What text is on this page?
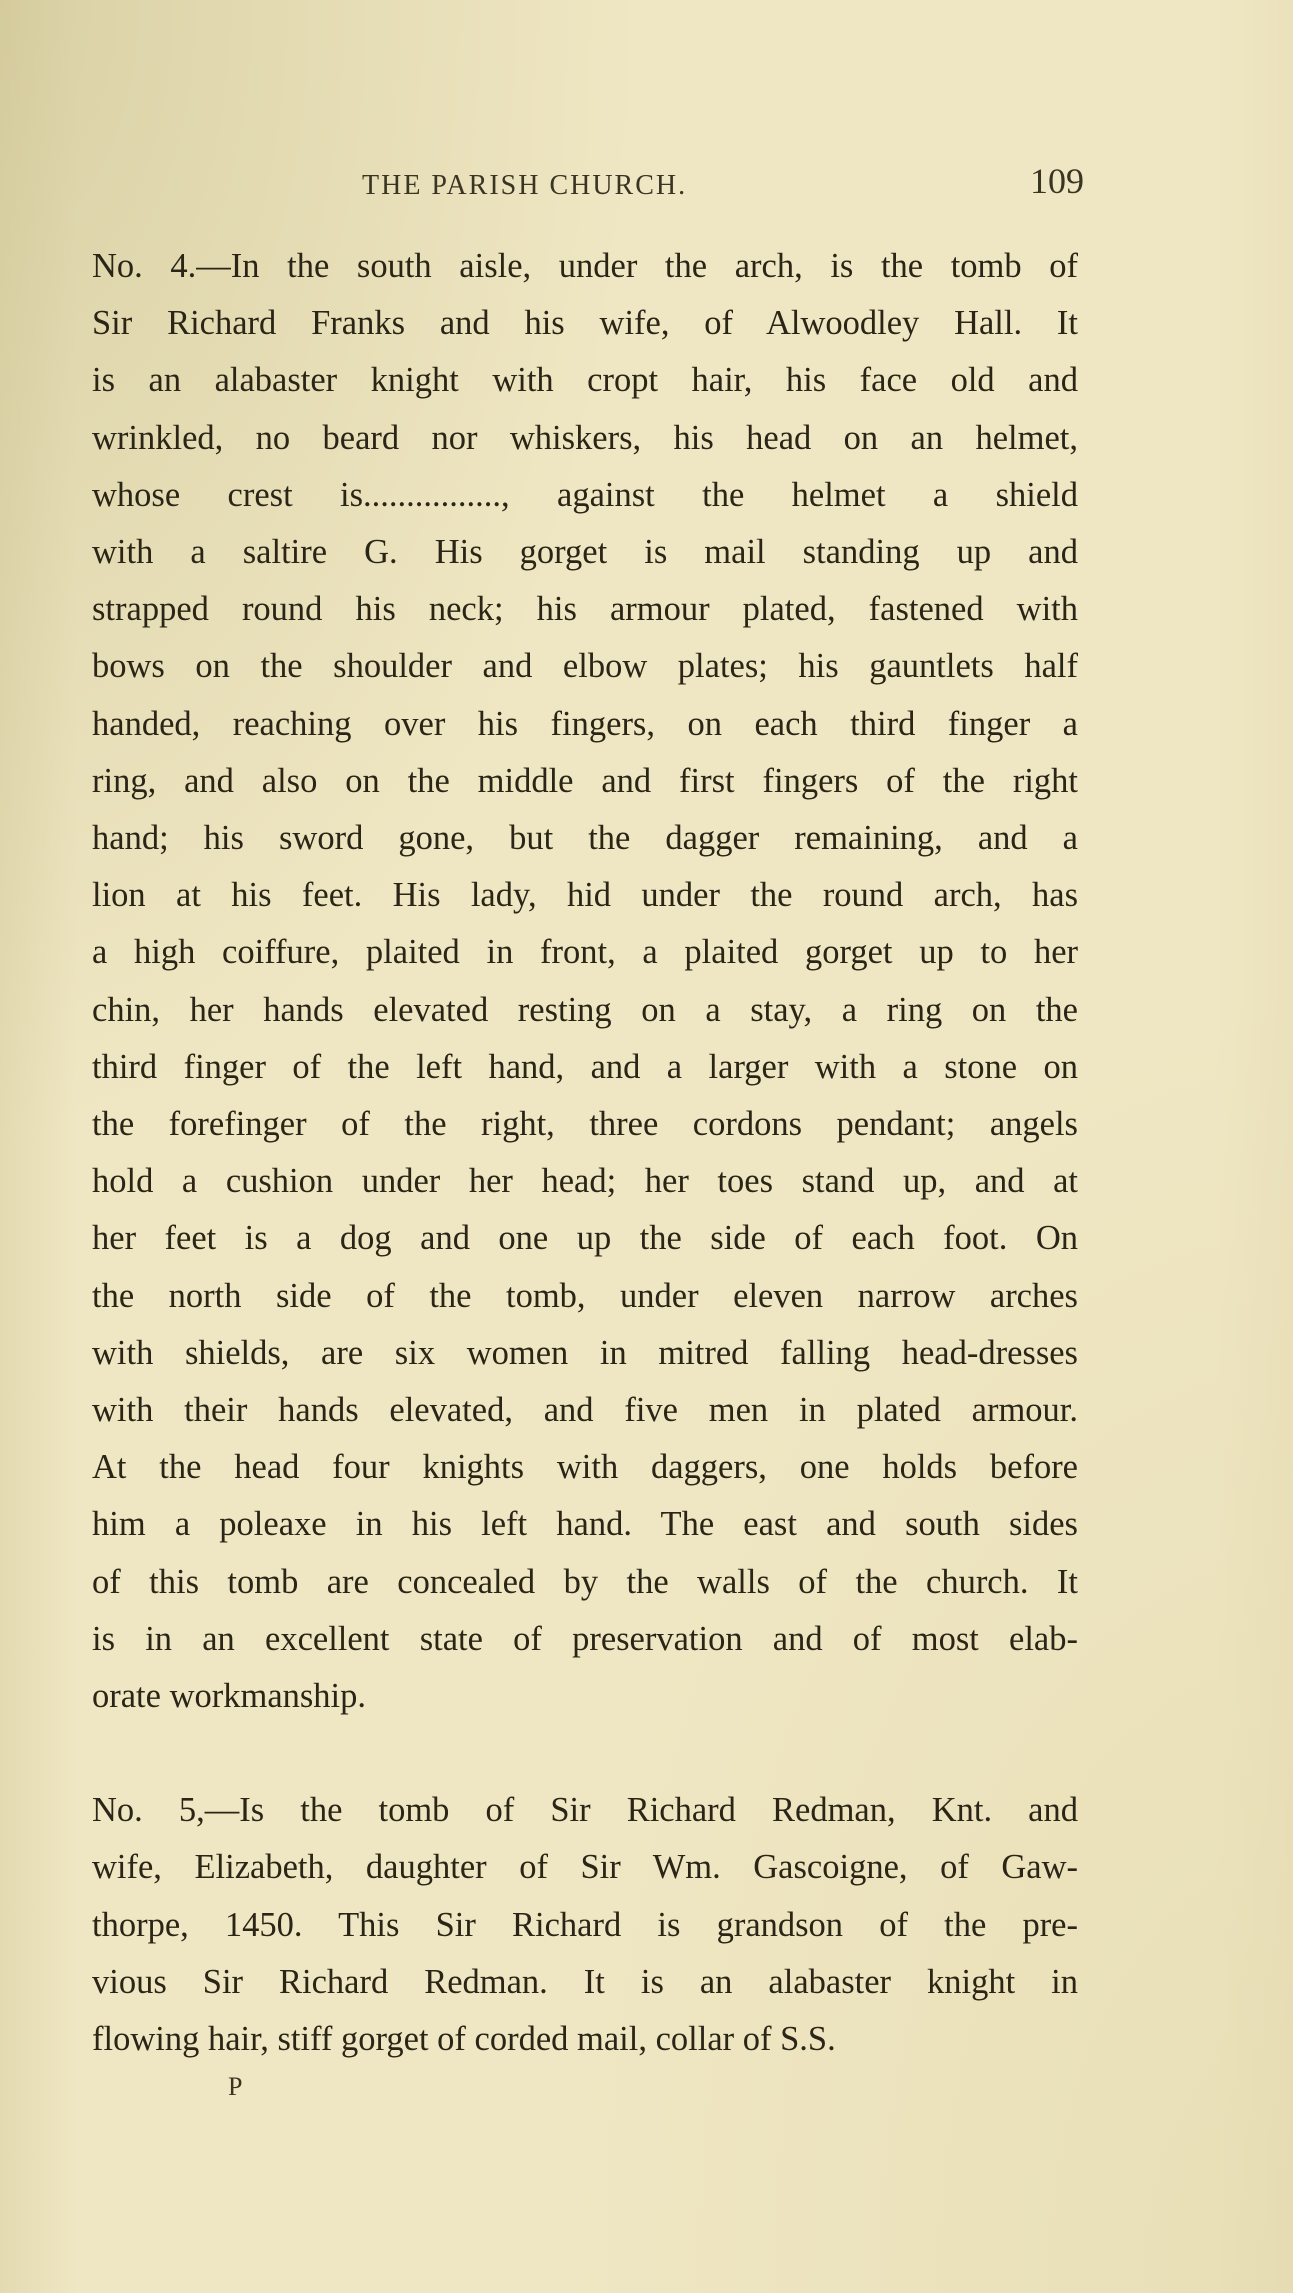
THE PARISH CHURCH.	109
No. 4.—In the south aisle, under the arch, is the tomb of
Sir Richard Franks and his wife, of Alwoodley Hall. It
is an alabaster knight with cropt hair, his face old and
wrinkled, no beard nor whiskers, his head on an helmet,
whose crest is................, against the helmet a shield
with a saltire G. His gorget is mail standing up and
strapped round his neck; his armour plated, fastened with
bows on the shoulder and elbow plates; his gauntlets half
handed, reaching over his fingers, on each third finger a
ring, and also on the middle and first fingers of the right
hand; his sword gone, but the dagger remaining, and a
lion at his feet. His lady, hid under the round arch, has
a high coiffure, plaited in front, a plaited gorget up to her
chin, her hands elevated resting on a stay, a ring on the
third finger of the left hand, and a larger with a stone on
the forefinger of the right, three cordons pendant; angels
hold a cushion under her head; her toes stand up, and at
her feet is a dog and one up the side of each foot. On
the north side of the tomb, under eleven narrow arches
with shields, are six women in mitred falling head-dresses
with their hands elevated, and five men in plated armour.
At the head four knights with daggers, one holds before
him a poleaxe in his left hand. The east and south sides
of this tomb are concealed by the walls of the church. It
is in an excellent state of preservation and of most elab-
orate workmanship.
No. 5,—Is the tomb of Sir Richard Redman, Knt. and
wife, Elizabeth, daughter of Sir Wm. Gascoigne, of Gaw-
thorpe, 1450. This Sir Richard is grandson of the pre-
vious Sir Richard Redman. It is an alabaster knight in
flowing hair, stiff gorget of corded mail, collar of S.S.
P
